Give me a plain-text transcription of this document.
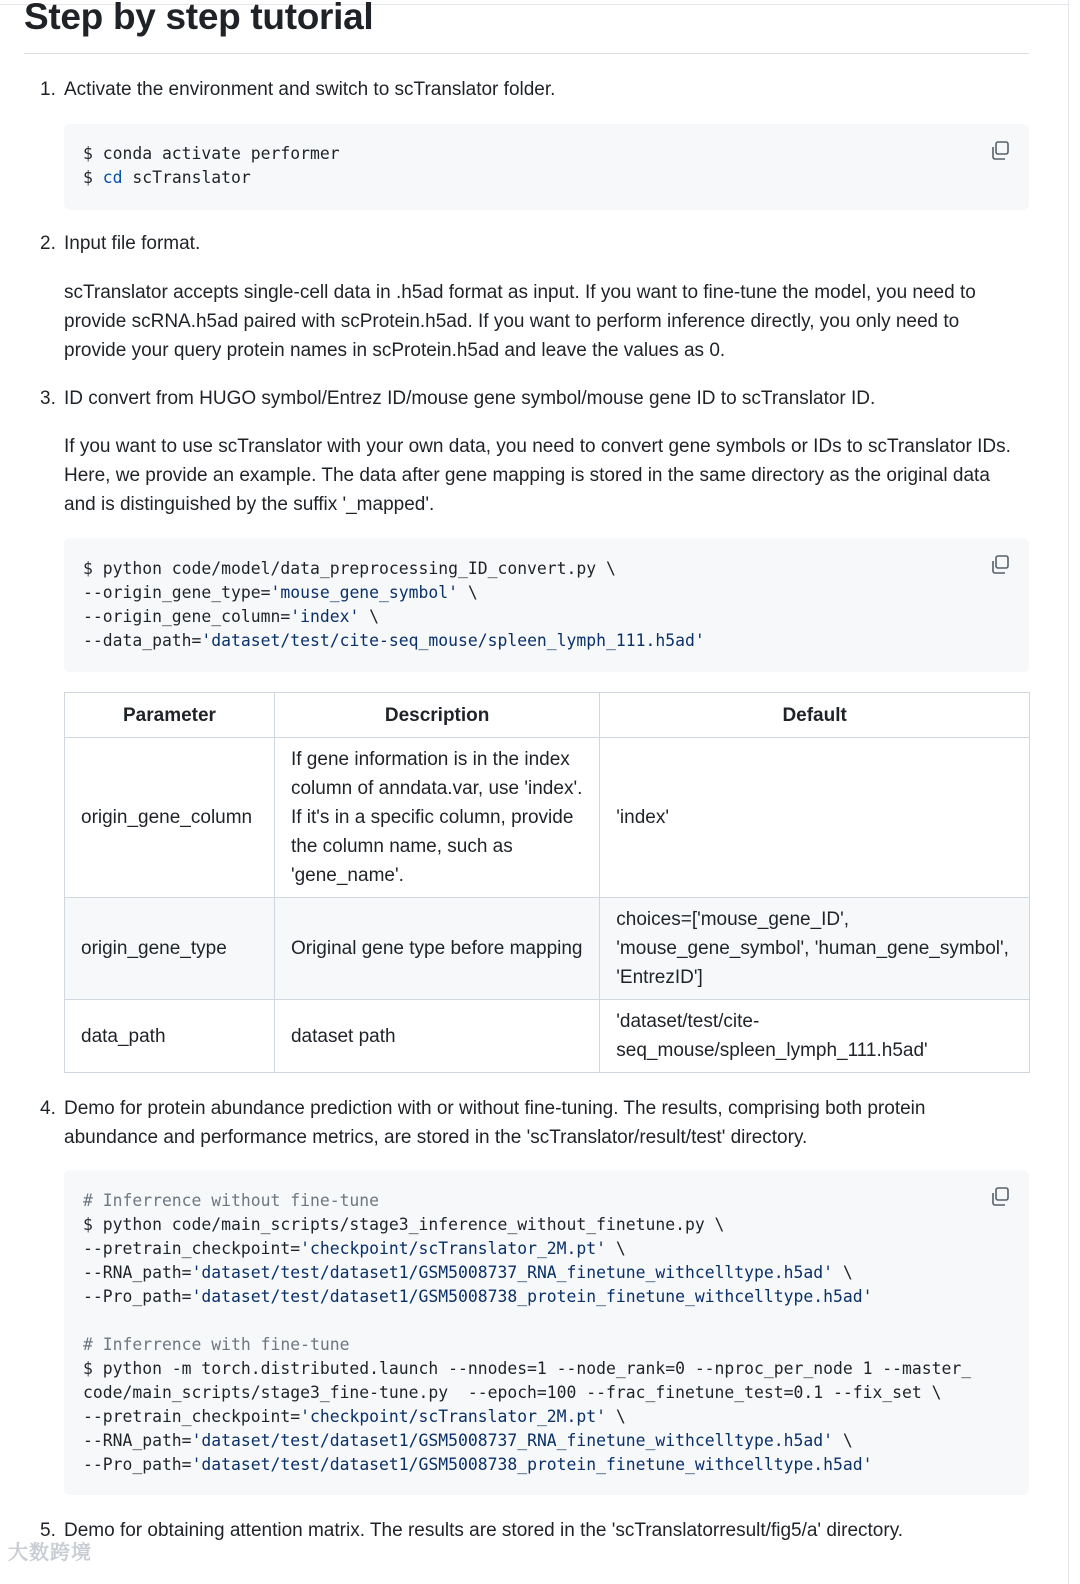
Step by step tutorial
1. Activate the environment and switch to scTranslator folder.
$ conda activate performer
$ cd scTranslator
2. Input file format.
scTranslator accepts single-cell data in .h5ad format as input. If you want to fine-tune the model, you need to provide scRNA.h5ad paired with scProtein.h5ad. If you want to perform inference directly, you only need to provide your query protein names in scProtein.h5ad and leave the values as 0.
3. ID convert from HUGO symbol/Entrez ID/mouse gene symbol/mouse gene ID to scTranslator ID.
If you want to use scTranslator with your own data, you need to convert gene symbols or IDs to scTranslator IDs. Here, we provide an example. The data after gene mapping is stored in the same directory as the original data and is distinguished by the suffix '_mapped'.
$ python code/model/data_preprocessing_ID_convert.py \
--origin_gene_type='mouse_gene_symbol' \
--origin_gene_column='index' \
--data_path='dataset/test/cite-seq_mouse/spleen_lymph_111.h5ad'
Parameter	Description	Default
origin_gene_column	If gene information is in the index column of anndata.var, use 'index'. If it's in a specific column, provide the column name, such as 'gene_name'.	'index'
origin_gene_type	Original gene type before mapping	choices=['mouse_gene_ID', 'mouse_gene_symbol', 'human_gene_symbol', 'EntrezID']
data_path	dataset path	'dataset/test/cite-seq_mouse/spleen_lymph_111.h5ad'
4. Demo for protein abundance prediction with or without fine-tuning. The results, comprising both protein abundance and performance metrics, are stored in the 'scTranslator/result/test' directory.
# Inferrence without fine-tune
$ python code/main_scripts/stage3_inference_without_finetune.py \
--pretrain_checkpoint='checkpoint/scTranslator_2M.pt' \
--RNA_path='dataset/test/dataset1/GSM5008737_RNA_finetune_withcelltype.h5ad' \
--Pro_path='dataset/test/dataset1/GSM5008738_protein_finetune_withcelltype.h5ad'

# Inferrence with fine-tune
$ python -m torch.distributed.launch --nnodes=1 --node_rank=0 --nproc_per_node 1 --master_
code/main_scripts/stage3_fine-tune.py  --epoch=100 --frac_finetune_test=0.1 --fix_set \
--pretrain_checkpoint='checkpoint/scTranslator_2M.pt' \
--RNA_path='dataset/test/dataset1/GSM5008737_RNA_finetune_withcelltype.h5ad' \
--Pro_path='dataset/test/dataset1/GSM5008738_protein_finetune_withcelltype.h5ad'
5. Demo for obtaining attention matrix. The results are stored in the 'scTranslatorresult/fig5/a' directory.
大数跨境
